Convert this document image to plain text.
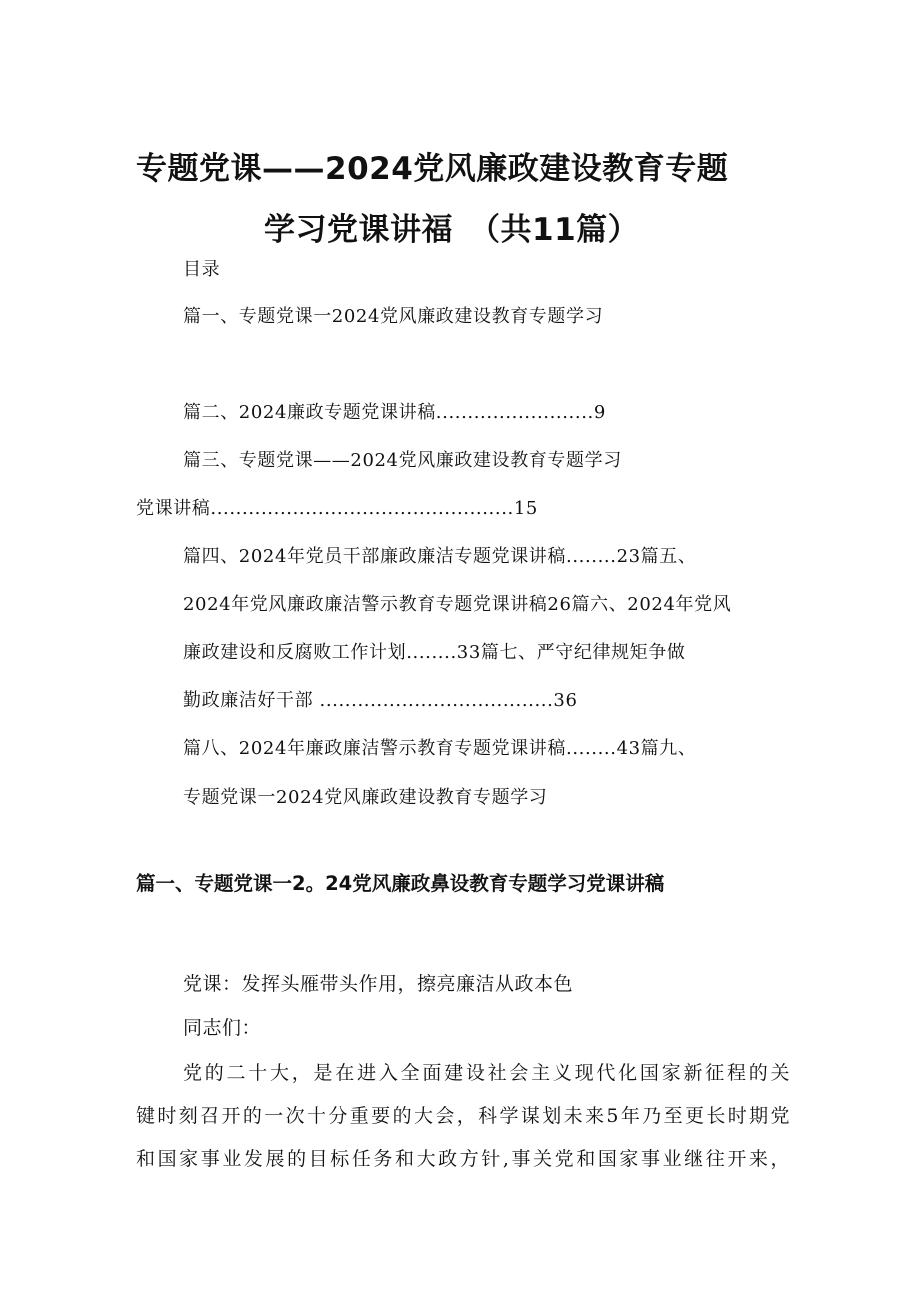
专题党课——2024党风廉政建设教育专题
学习党课讲福　（共11篇）
目录
篇一、专题党课一2024党风廉政建设教育专题学习
篇二、2024廉政专题党课讲稿.........................9
篇三、专题党课——2024党风廉政建设教育专题学习
党课讲稿................................................15
篇四、2024年党员干部廉政廉洁专题党课讲稿........23篇五、
2024年党风廉政廉洁警示教育专题党课讲稿26篇六、2024年党风
廉政建设和反腐败工作计划........33篇七、严守纪律规矩争做
勤政廉洁好干部 .....................................36
篇八、2024年廉政廉洁警示教育专题党课讲稿........43篇九、
专题党课一2024党风廉政建设教育专题学习
篇一、专题党课一2。24党风廉政鼻设教育专题学习党课讲稿
党课：发挥头雁带头作用，擦亮廉洁从政本色
同志们：
党的二十大，是在进入全面建设社会主义现代化国家新征程的关
键时刻召开的一次十分重要的大会，科学谋划未来5年乃至更长时期党
和国家事业发展的目标任务和大政方针,事关党和国家事业继往开来，
